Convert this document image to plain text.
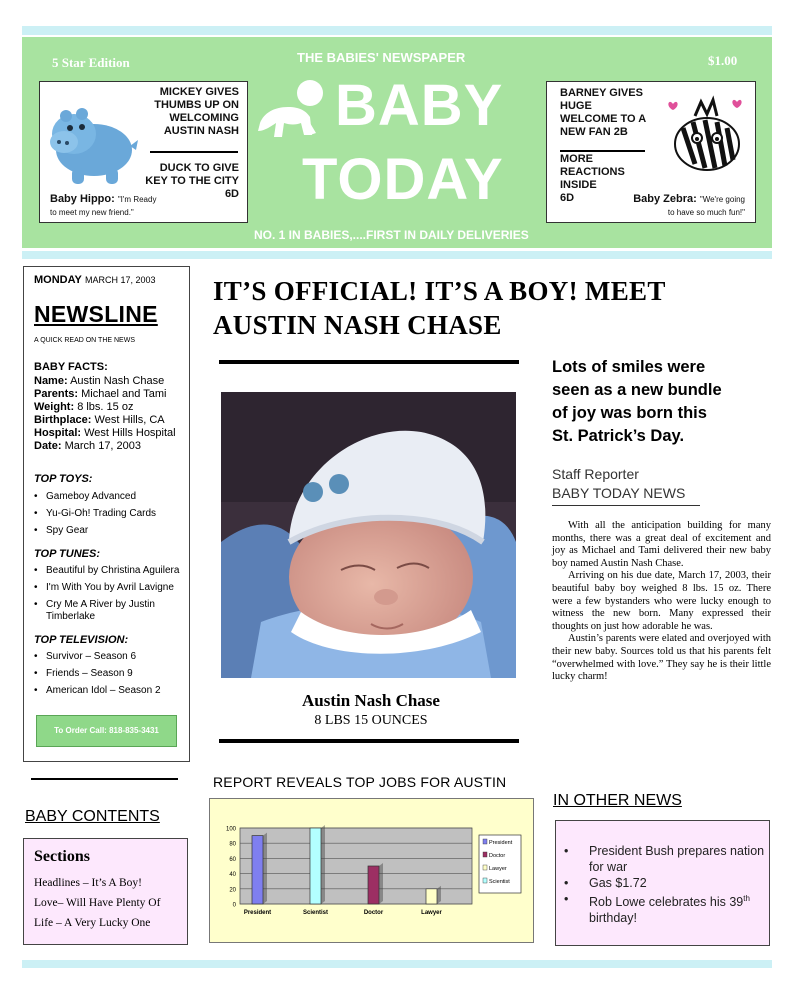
5 Star Edition	THE BABIES' NEWSPAPER	$1.00
BABY
TODAY
NO. 1 IN BABIES,....FIRST IN DAILY DELIVERIES
MICKEY GIVES
THUMBS UP ON
WELCOMING
AUSTIN NASH
DUCK TO GIVE
KEY TO THE CITY
6D
Baby Hippo: "I'm Ready
to meet my new friend."
BARNEY GIVES
HUGE
WELCOME TO A
NEW FAN 2B
MORE
REACTIONS
INSIDE
6D	Baby Zebra: "We're going
to have so much fun!"
MONDAY MARCH 17, 2003
NEWSLINE
A QUICK READ ON THE NEWS
BABY FACTS:
Name: Austin Nash Chase
Parents: Michael and Tami
Weight: 8 lbs. 15 oz
Birthplace: West Hills, CA
Hospital: West Hills Hospital
Date: March 17, 2003
TOP TOYS:
• Gameboy Advanced
• Yu-Gi-Oh! Trading Cards
• Spy Gear
TOP TUNES:
• Beautiful by Christina Aguilera
• I'm With You by Avril Lavigne
• Cry Me A River by Justin Timberlake
TOP TELEVISION:
• Survivor – Season 6
• Friends – Season 9
• American Idol – Season 2
To Order Call: 818-835-3431
IT’S OFFICIAL! IT’S A BOY! MEET
AUSTIN NASH CHASE
Austin Nash Chase
8 LBS 15 OUNCES
Lots of smiles were
seen as a new bundle
of joy was born this
St. Patrick’s Day.
Staff Reporter
BABY TODAY NEWS

With all the anticipation building for many months, there was a great deal of excitement and joy as Michael and Tami delivered their new baby boy named Austin Nash Chase.

Arriving on his due date, March 17, 2003, their beautiful baby boy weighed 8 lbs. 15 oz. There were a few bystanders who were lucky enough to witness the new born. Many expressed their thoughts on just how adorable he was.

Austin’s parents were elated and overjoyed with their new baby. Sources told us that his parents felt “overwhelmed with love.” They say he is their little lucky charm!

BABY CONTENTS
Sections
Headlines – It’s A Boy!
Love– Will Have Plenty Of
Life – A Very Lucky One
REPORT REVEALS TOP JOBS FOR AUSTIN
0
20
40
60
80
100
President	Scientist	Doctor	Lawyer
President
Doctor
Lawyer
Scientist
IN OTHER NEWS
• President Bush prepares nation for war
• Gas $1.72
• Rob Lowe celebrates his 39th birthday!
